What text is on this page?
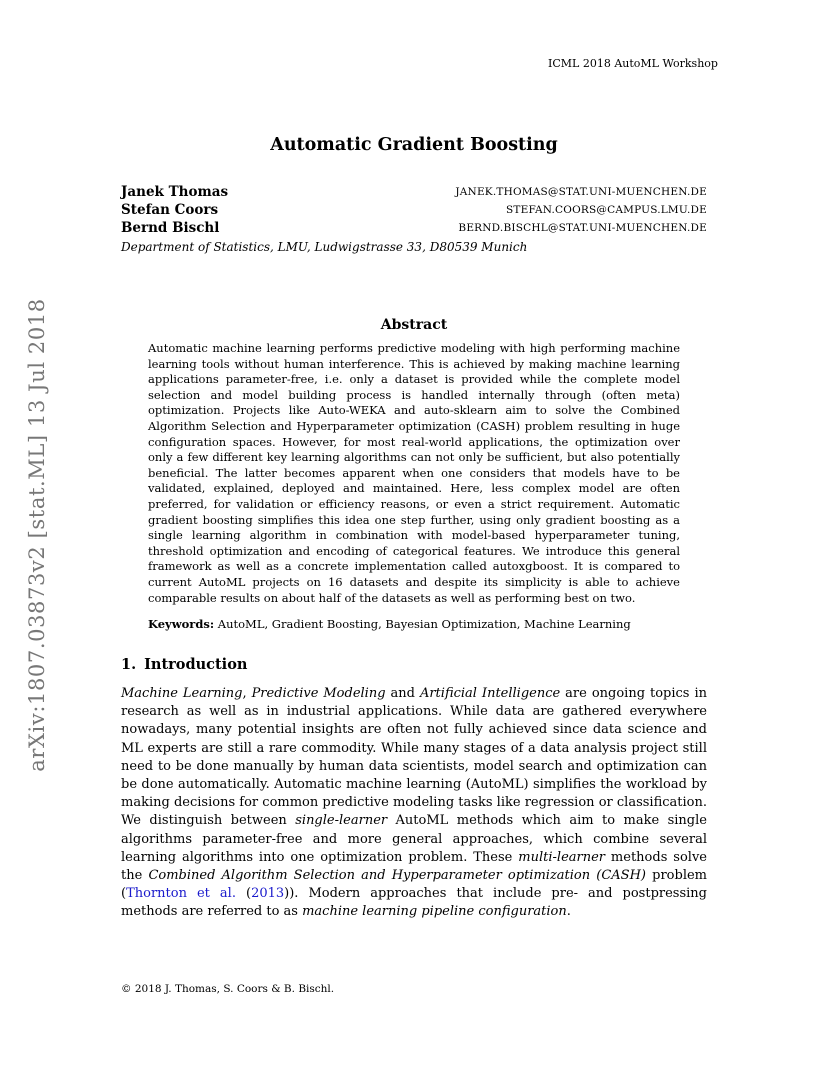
ICML 2018 AutoML Workshop
Automatic Gradient Boosting
Janek Thomas	JANEK.THOMAS@STAT.UNI-MUENCHEN.DE
Stefan Coors	STEFAN.COORS@CAMPUS.LMU.DE
Bernd Bischl	BERND.BISCHL@STAT.UNI-MUENCHEN.DE
Department of Statistics, LMU, Ludwigstrasse 33, D80539 Munich
arXiv:1807.03873v2 [stat.ML] 13 Jul 2018	Abstract
Automatic machine learning performs predictive modeling with high performing machine learning tools without human interference. This is achieved by making machine learning applications parameter-free, i.e. only a dataset is provided while the complete model selection and model building process is handled internally through (often meta) optimization. Projects like Auto-WEKA and auto-sklearn aim to solve the Combined Algorithm Selection and Hyperparameter optimization (CASH) problem resulting in huge configuration spaces. However, for most real-world applications, the optimization over only a few different key learning algorithms can not only be sufficient, but also potentially beneficial. The latter becomes apparent when one considers that models have to be validated, explained, deployed and maintained. Here, less complex model are often preferred, for validation or efficiency reasons, or even a strict requirement. Automatic gradient boosting simplifies this idea one step further, using only gradient boosting as a single learning algorithm in combination with model-based hyperparameter tuning, threshold optimization and encoding of categorical features. We introduce this general framework as well as a concrete implementation called autoxgboost. It is compared to current AutoML projects on 16 datasets and despite its simplicity is able to achieve comparable results on about half of the datasets as well as performing best on two.
Keywords: AutoML, Gradient Boosting, Bayesian Optimization, Machine Learning
1. Introduction
Machine Learning, Predictive Modeling and Artificial Intelligence are ongoing topics in research as well as in industrial applications. While data are gathered everywhere nowadays, many potential insights are often not fully achieved since data science and ML experts are still a rare commodity. While many stages of a data analysis project still need to be done manually by human data scientists, model search and optimization can be done automatically. Automatic machine learning (AutoML) simplifies the workload by making decisions for common predictive modeling tasks like regression or classification. We distinguish between single-learner AutoML methods which aim to make single algorithms parameter-free and more general approaches, which combine several learning algorithms into one optimization problem. These multi-learner methods solve the Combined Algorithm Selection and Hyperparameter optimization (CASH) problem (Thornton et al. (2013)). Modern approaches that include pre- and postpressing methods are referred to as machine learning pipeline configuration.
© 2018 J. Thomas, S. Coors & B. Bischl.
